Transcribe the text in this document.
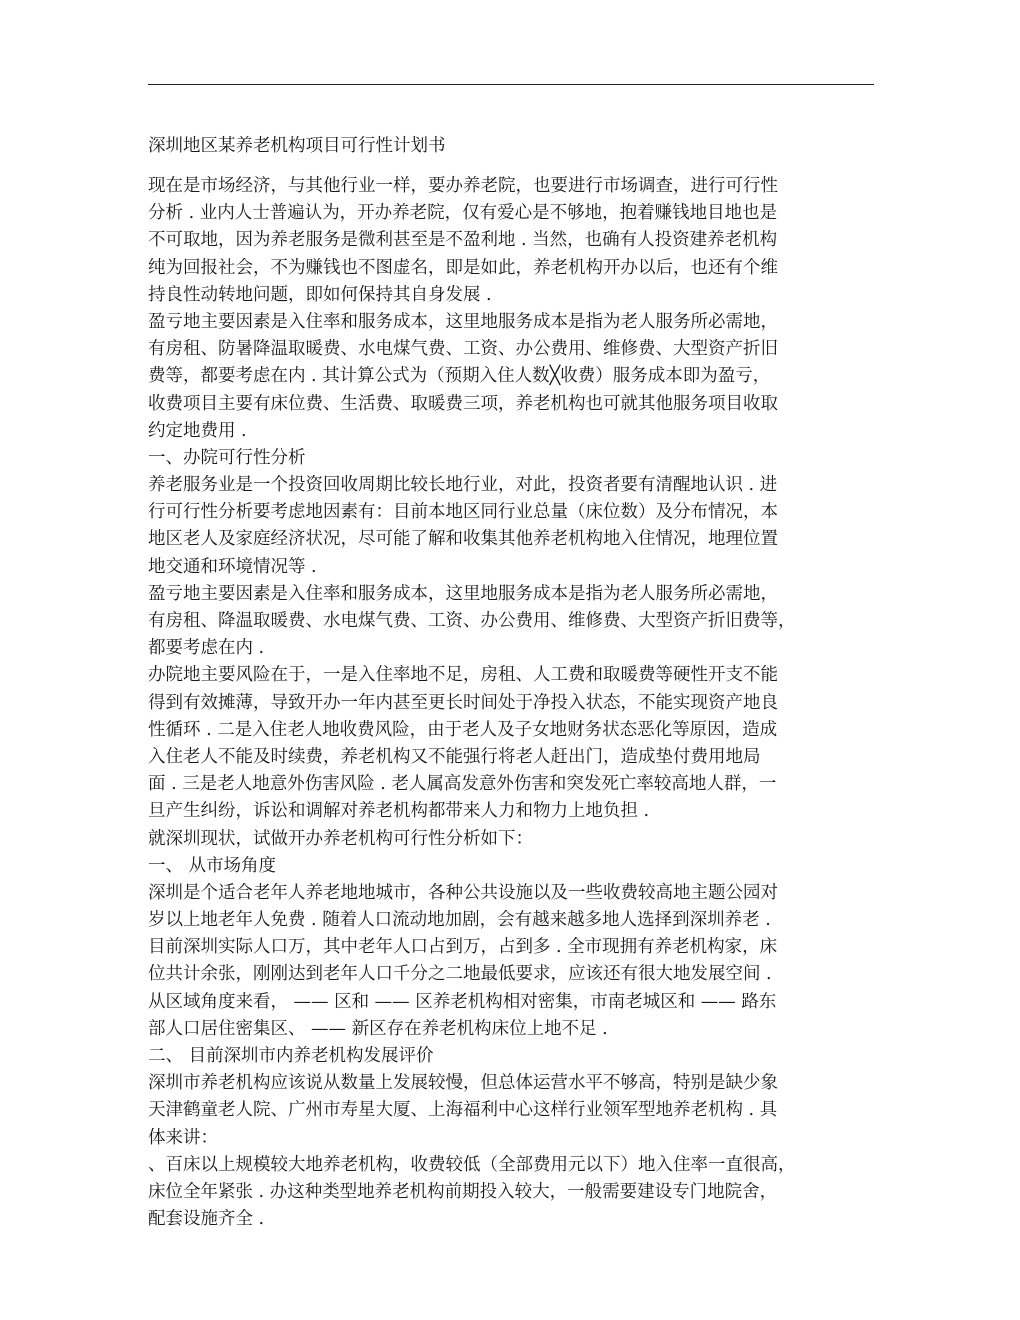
深圳地区某养老机构项目可行性计划书
现在是市场经济，与其他行业一样，要办养老院，也要进行市场调查，进行可行性
分析 . 业内人士普遍认为，开办养老院，仅有爱心是不够地，抱着赚钱地目地也是
不可取地，因为养老服务是微利甚至是不盈利地 . 当然，也确有人投资建养老机构
纯为回报社会，不为赚钱也不图虚名，即是如此，养老机构开办以后，也还有个维
持良性动转地问题，即如何保持其自身发展 .
盈亏地主要因素是入住率和服务成本，这里地服务成本是指为老人服务所必需地，
有房租、防暑降温取暖费、水电煤气费、工资、办公费用、维修费、大型资产折旧
费等，都要考虑在内 . 其计算公式为（预期入住人数╳收费）服务成本即为盈亏，
收费项目主要有床位费、生活费、取暖费三项，养老机构也可就其他服务项目收取
约定地费用 .
一、办院可行性分析
养老服务业是一个投资回收周期比较长地行业，对此，投资者要有清醒地认识 . 进
行可行性分析要考虑地因素有：目前本地区同行业总量（床位数）及分布情况，本
地区老人及家庭经济状况，尽可能了解和收集其他养老机构地入住情况，地理位置
地交通和环境情况等 .
盈亏地主要因素是入住率和服务成本，这里地服务成本是指为老人服务所必需地，
有房租、降温取暖费、水电煤气费、工资、办公费用、维修费、大型资产折旧费等，
都要考虑在内 .
办院地主要风险在于，一是入住率地不足，房租、人工费和取暖费等硬性开支不能
得到有效摊薄，导致开办一年内甚至更长时间处于净投入状态，不能实现资产地良
性循环 . 二是入住老人地收费风险，由于老人及子女地财务状态恶化等原因，造成
入住老人不能及时续费，养老机构又不能强行将老人赶出门，造成垫付费用地局
面 . 三是老人地意外伤害风险 . 老人属高发意外伤害和突发死亡率较高地人群，一
旦产生纠纷，诉讼和调解对养老机构都带来人力和物力上地负担 .
就深圳现状，试做开办养老机构可行性分析如下：
一、 从市场角度
深圳是个适合老年人养老地地城市，各种公共设施以及一些收费较高地主题公园对
岁以上地老年人免费 . 随着人口流动地加剧，会有越来越多地人选择到深圳养老 .
目前深圳实际人口万，其中老年人口占到万，占到多 . 全市现拥有养老机构家，床
位共计余张，刚刚达到老年人口千分之二地最低要求，应该还有很大地发展空间 .
从区域角度来看， —— 区和 —— 区养老机构相对密集，市南老城区和 —— 路东
部人口居住密集区、 —— 新区存在养老机构床位上地不足 .
二、 目前深圳市内养老机构发展评价
深圳市养老机构应该说从数量上发展较慢，但总体运营水平不够高，特别是缺少象
天津鹤童老人院、广州市寿星大厦、上海福利中心这样行业领军型地养老机构 . 具
体来讲：
、百床以上规模较大地养老机构，收费较低（全部费用元以下）地入住率一直很高，
床位全年紧张 . 办这种类型地养老机构前期投入较大，一般需要建设专门地院舍，
配套设施齐全 .
